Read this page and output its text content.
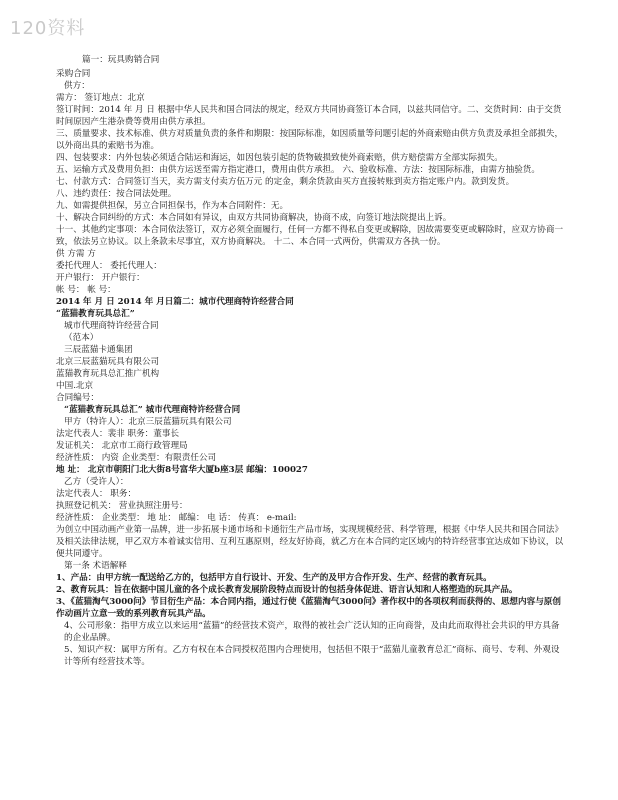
120资料
篇一：玩具购销合同
采购合同
供方：
需方： 签订地点：北京
签订时间：2014 年 月 日 根据中华人民共和国合同法的规定，经双方共同协商签订本合同，以兹共同信守。二、交货时间：由于交货时间原因产生港杂费等费用由供方承担。
三、质量要求、技术标准、供方对质量负责的条件和期限：按国际标准，如因质量等问题引起的外商索赔由供方负责及承担全部损失，以外商出具的索赔书为准。
四、包装要求：内外包装必须适合陆运和海运，如因包装引起的货物破损致使外商索赔，供方赔偿需方全部实际损失。
五、运输方式及费用负担：由供方运送至需方指定港口，费用由供方承担。 六、验收标准、方法：按国际标准，由需方抽验货。
七、付款方式：合同签订当天，卖方需支付卖方伍万元 的定金，剩余货款由买方直接转账到卖方指定账户内。款到发货。
八、违约责任：按合同法处理。
九、如需提供担保，另立合同担保书，作为本合同附件：无。
十、解决合同纠纷的方式：本合同如有异议，由双方共同协商解决，协商不成，向签订地法院提出上诉。
十一、其他约定事项：本合同依法签订，双方必须全面履行，任何一方都不得私自变更或解除，因故需要变更或解除时，应双方协商一致，依法另立协议。以上条款未尽事宜，双方协商解决。 十二、本合同一式两份，供需双方各执一份。
供 方需 方
委托代理人： 委托代理人：
开户银行： 开户银行：
帐 号： 帐 号：
2014 年 月 日 2014 年 月日篇二：城市代理商特许经营合同
“蓝猫教育玩具总汇”
城市代理商特许经营合同
（范本）
三辰蓝猫卡通集团
北京三辰蓝猫玩具有限公司
蓝猫教育玩具总汇推广机构
中国.北京
合同编号：
“蓝猫教育玩具总汇” 城市代理商特许经营合同
甲方（特许人）：北京三辰蓝猫玩具有限公司
法定代表人：裴非 职务：董事长
发证机关： 北京市工商行政管理局
经济性质： 内资 企业类型：有限责任公司
地 址： 北京市朝阳门北大街8号富华大厦b座3层 邮编：100027
乙方（受许人）：
法定代表人： 职务：
执照登记机关： 营业执照注册号：
经济性质： 企业类型： 地 址： 邮编： 电 话： 传真： e-mail:
为创立中国动画产业第一品牌，进一步拓展卡通市场和卡通衍生产品市场，实现规模经营、科学管理，根据《中华人民共和国合同法》及相关法律法规，甲乙双方本着诚实信用、互利互惠原则，经友好协商，就乙方在本合同约定区域内的特许经营事宜达成如下协议，以便共同遵守。
第一条 术语解释
1、产品：由甲方统一配送给乙方的，包括甲方自行设计、开发、生产的及甲方合作开发、生产、经营的教育玩具。
2、教育玩具：旨在依据中国儿童的各个成长教育发展阶段特点而设计的包括身体促进、语言认知和人格塑造的玩具产品。
3、《蓝猫淘气3000问》节目衍生产品：本合同内指，通过行使《蓝猫淘气3000问》著作权中的各项权利而获得的、思想内容与原创作动画片立意一致的系列教育玩具产品。
4、公司形象：指甲方成立以来运用“蓝猫”的经营技术资产，取得的被社会广泛认知的正向商誉，及由此而取得社会共识的甲方具备的企业品牌。
5、知识产权：属甲方所有。乙方有权在本合同授权范围内合理使用，包括但不限于“蓝猫儿童教育总汇”商标、商号、专利、外观设计等所有经营技术等。
